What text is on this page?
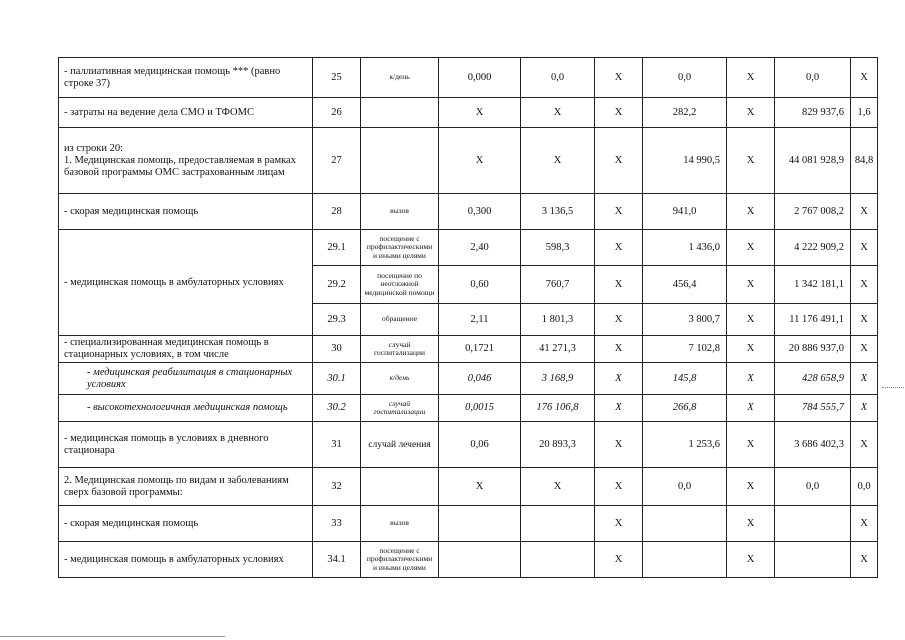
- паллиативная медицинская помощь *** (равно строке 37)	25	к/день	0,000	0,0	X	0,0	X	0,0	X
- затраты на ведение дела СМО и ТФОМС	26		X	X	X	282,2	X	829 937,6	1,6

из строки 20:
1. Медицинская помощь, предоставляемая в рамках базовой программы ОМС застрахованным лицам	27		X	X	X	14 990,5	X	44 081 928,9	84,8
- скорая медицинская помощь	28	вызов	0,300	3 136,5	X	941,0	X	2 767 008,2	X
- медицинская помощь в амбулаторных условиях	29.1	посещение с профилактическими и иными целями	2,40	598,3	X	1 436,0	X	4 222 909,2	X
	29.2	посещение по неотложной медицинской помощи	0,60	760,7	X	456,4	X	1 342 181,1	X
	29.3	обращение	2,11	1 801,3	X	3 800,7	X	11 176 491,1	X
- специализированная медицинская помощь в стационарных условиях, в том числе	30	случай госпитализации	0,1721	41 271,3	X	7 102,8	X	20 886 937,0	X
- медицинская реабилитация в стационарных условиях	30.1	к/день	0,046	3 168,9	X	145,8	X	428 658,9	X
- высокотехнологичная медицинская помощь	30.2	случай госпитализации	0,0015	176 106,8	X	266,8	X	784 555,7	X
- медицинская помощь в условиях в дневного стационара	31	случай лечения	0,06	20 893,3	X	1 253,6	X	3 686 402,3	X
2. Медицинская помощь по видам и заболеваниям сверх базовой программы:	32		X	X	X	0,0	X	0,0	0,0
- скорая медицинская помощь	33	вызов			X		X		X
- медицинская помощь в амбулаторных условиях	34.1	посещение с профилактическими и иными целями			X		X		X
